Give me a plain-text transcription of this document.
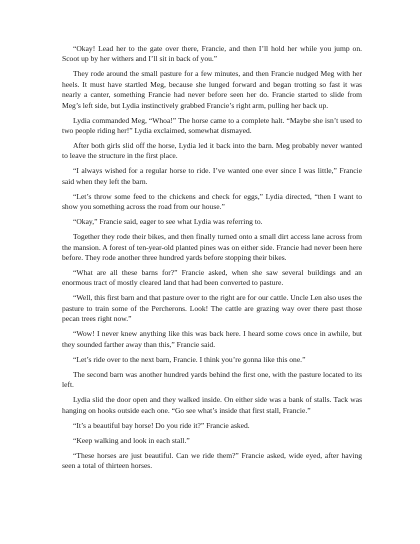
“Okay! Lead her to the gate over there, Francie, and then I’ll hold her while you jump on. Scoot up by her withers and I’ll sit in back of you.”

They rode around the small pasture for a few minutes, and then Francie nudged Meg with her heels. It must have startled Meg, because she lunged forward and began trotting so fast it was nearly a canter, something Francie had never before seen her do. Francie started to slide from Meg’s left side, but Lydia instinctively grabbed Francie’s right arm, pulling her back up.

Lydia commanded Meg, “Whoa!” The horse came to a complete halt. “Maybe she isn’t used to two people riding her!” Lydia exclaimed, somewhat dismayed.

After both girls slid off the horse, Lydia led it back into the barn. Meg probably never wanted to leave the structure in the first place.

“I always wished for a regular horse to ride. I’ve wanted one ever since I was little,” Francie said when they left the barn.

“Let’s throw some feed to the chickens and check for eggs,” Lydia directed, “then I want to show you something across the road from our house.”

“Okay,” Francie said, eager to see what Lydia was referring to.

Together they rode their bikes, and then finally turned onto a small dirt access lane across from the mansion. A forest of ten-year-old planted pines was on either side. Francie had never been here before. They rode another three hundred yards before stopping their bikes.

“What are all these barns for?” Francie asked, when she saw several buildings and an enormous tract of mostly cleared land that had been converted to pasture.

“Well, this first barn and that pasture over to the right are for our cattle. Uncle Len also uses the pasture to train some of the Percherons. Look! The cattle are grazing way over there past those pecan trees right now.”

“Wow! I never knew anything like this was back here. I heard some cows once in awhile, but they sounded farther away than this,” Francie said.

“Let’s ride over to the next barn, Francie. I think you’re gonna like this one.”

The second barn was another hundred yards behind the first one, with the pasture located to its left.

Lydia slid the door open and they walked inside. On either side was a bank of stalls. Tack was hanging on hooks outside each one. “Go see what’s inside that first stall, Francie.”

“It’s a beautiful bay horse! Do you ride it?” Francie asked.

“Keep walking and look in each stall.”

“These horses are just beautiful. Can we ride them?” Francie asked, wide eyed, after having seen a total of thirteen horses.
